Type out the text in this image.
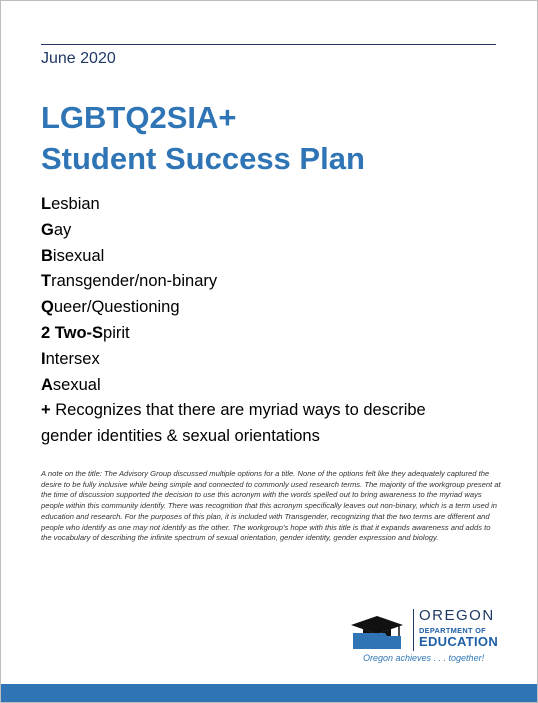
June 2020
LGBTQ2SIA+
Student Success Plan
Lesbian
Gay
Bisexual
Transgender/non-binary
Queer/Questioning
2 Two-Spirit
Intersex
Asexual
+ Recognizes that there are myriad ways to describe
gender identities & sexual orientations

A note on the title: The Advisory Group discussed multiple options for a title. None of the options felt like they adequately captured the desire to be fully inclusive while being simple and connected to commonly used research terms. The majority of the workgroup present at the time of discussion supported the decision to use this acronym with the words spelled out to bring awareness to the myriad ways people within this community identify. There was recognition that this acronym specifically leaves out non-binary, which is a term used in education and research. For the purposes of this plan, it is included with Transgender, recognizing that the two terms are different and people who identify as one may not identify as the other. The workgroup's hope with this title is that it expands awareness and adds to the vocabulary of describing the infinite spectrum of sexual orientation, gender identity, gender expression and biology.

OREGON
DEPARTMENT OF
EDUCATION
Oregon achieves . . . together!
